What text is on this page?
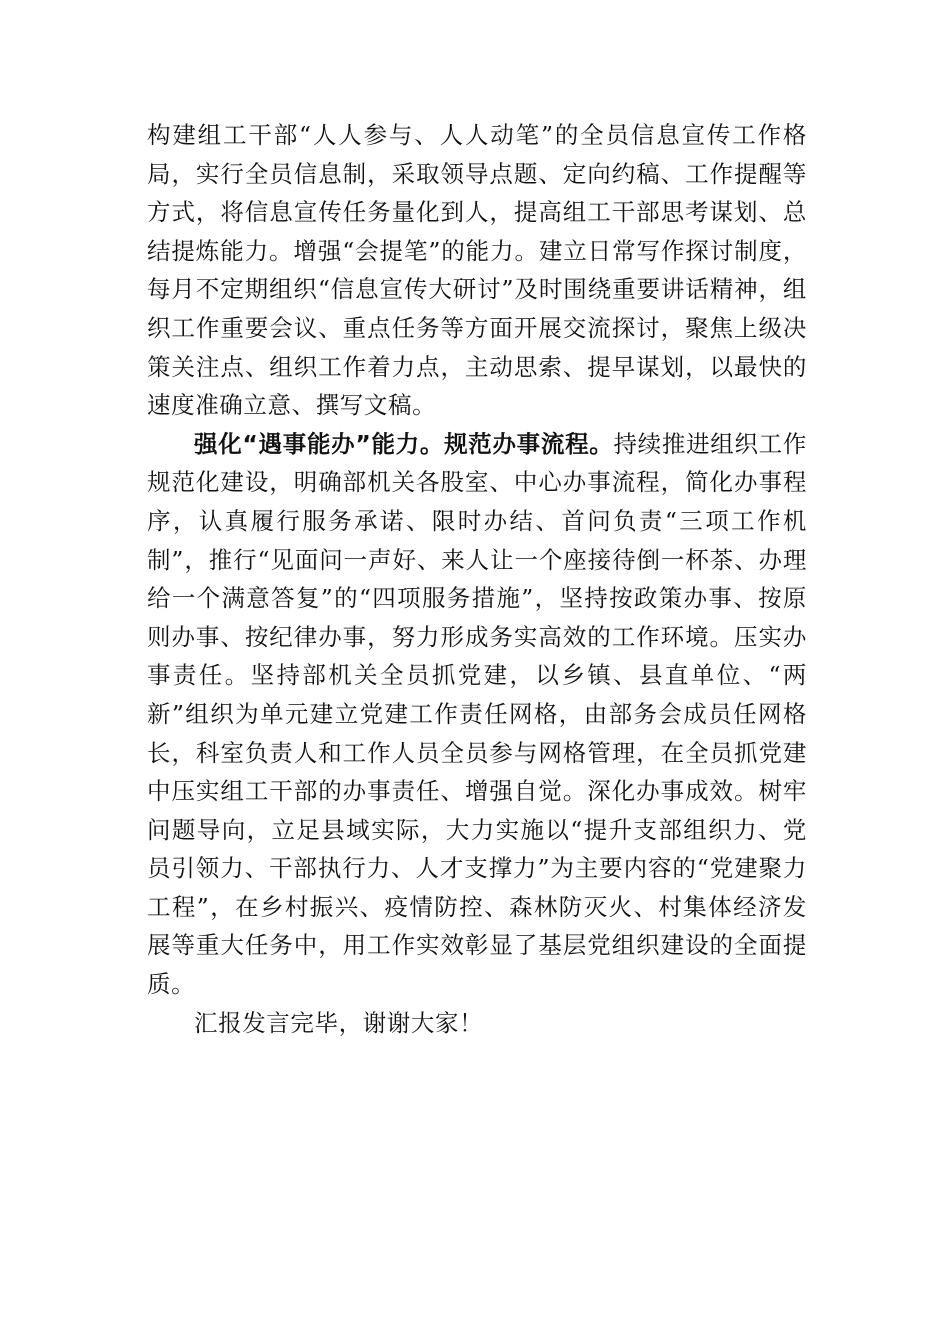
构建组工干部“人人参与、人人动笔”的全员信息宣传工作格局，实行全员信息制，采取领导点题、定向约稿、工作提醒等方式，将信息宣传任务量化到人，提高组工干部思考谋划、总结提炼能力。增强“会提笔”的能力。建立日常写作探讨制度，每月不定期组织“信息宣传大研讨”及时围绕重要讲话精神，组织工作重要会议、重点任务等方面开展交流探讨，聚焦上级决策关注点、组织工作着力点，主动思索、提早谋划，以最快的速度准确立意、撰写文稿。

强化“遇事能办”能力。规范办事流程。持续推进组织工作规范化建设，明确部机关各股室、中心办事流程，简化办事程序，认真履行服务承诺、限时办结、首问负责“三项工作机制”，推行“见面问一声好、来人让一个座接待倒一杯茶、办理给一个满意答复”的“四项服务措施”，坚持按政策办事、按原则办事、按纪律办事，努力形成务实高效的工作环境。压实办事责任。坚持部机关全员抓党建，以乡镇、县直单位、“两新”组织为单元建立党建工作责任网格，由部务会成员任网格长，科室负责人和工作人员全员参与网格管理，在全员抓党建中压实组工干部的办事责任、增强自觉。深化办事成效。树牢问题导向，立足县域实际，大力实施以“提升支部组织力、党员引领力、干部执行力、人才支撑力”为主要内容的“党建聚力工程”，在乡村振兴、疫情防控、森林防灭火、村集体经济发展等重大任务中，用工作实效彰显了基层党组织建设的全面提质。

汇报发言完毕，谢谢大家！
